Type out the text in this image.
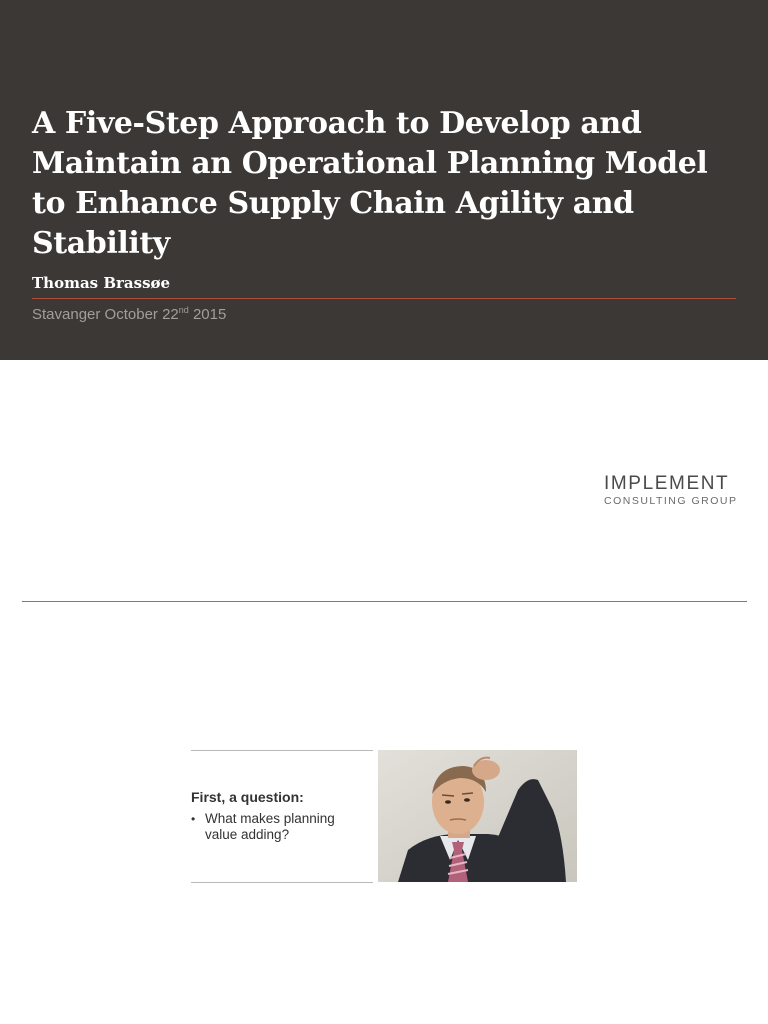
A Five-Step Approach to Develop and Maintain an Operational Planning Model to Enhance Supply Chain Agility and Stability

Thomas Brassøe

Stavanger October 22nd 2015

IMPLEMENT
CONSULTING GROUP

First, a question:

• What makes planning value adding?
